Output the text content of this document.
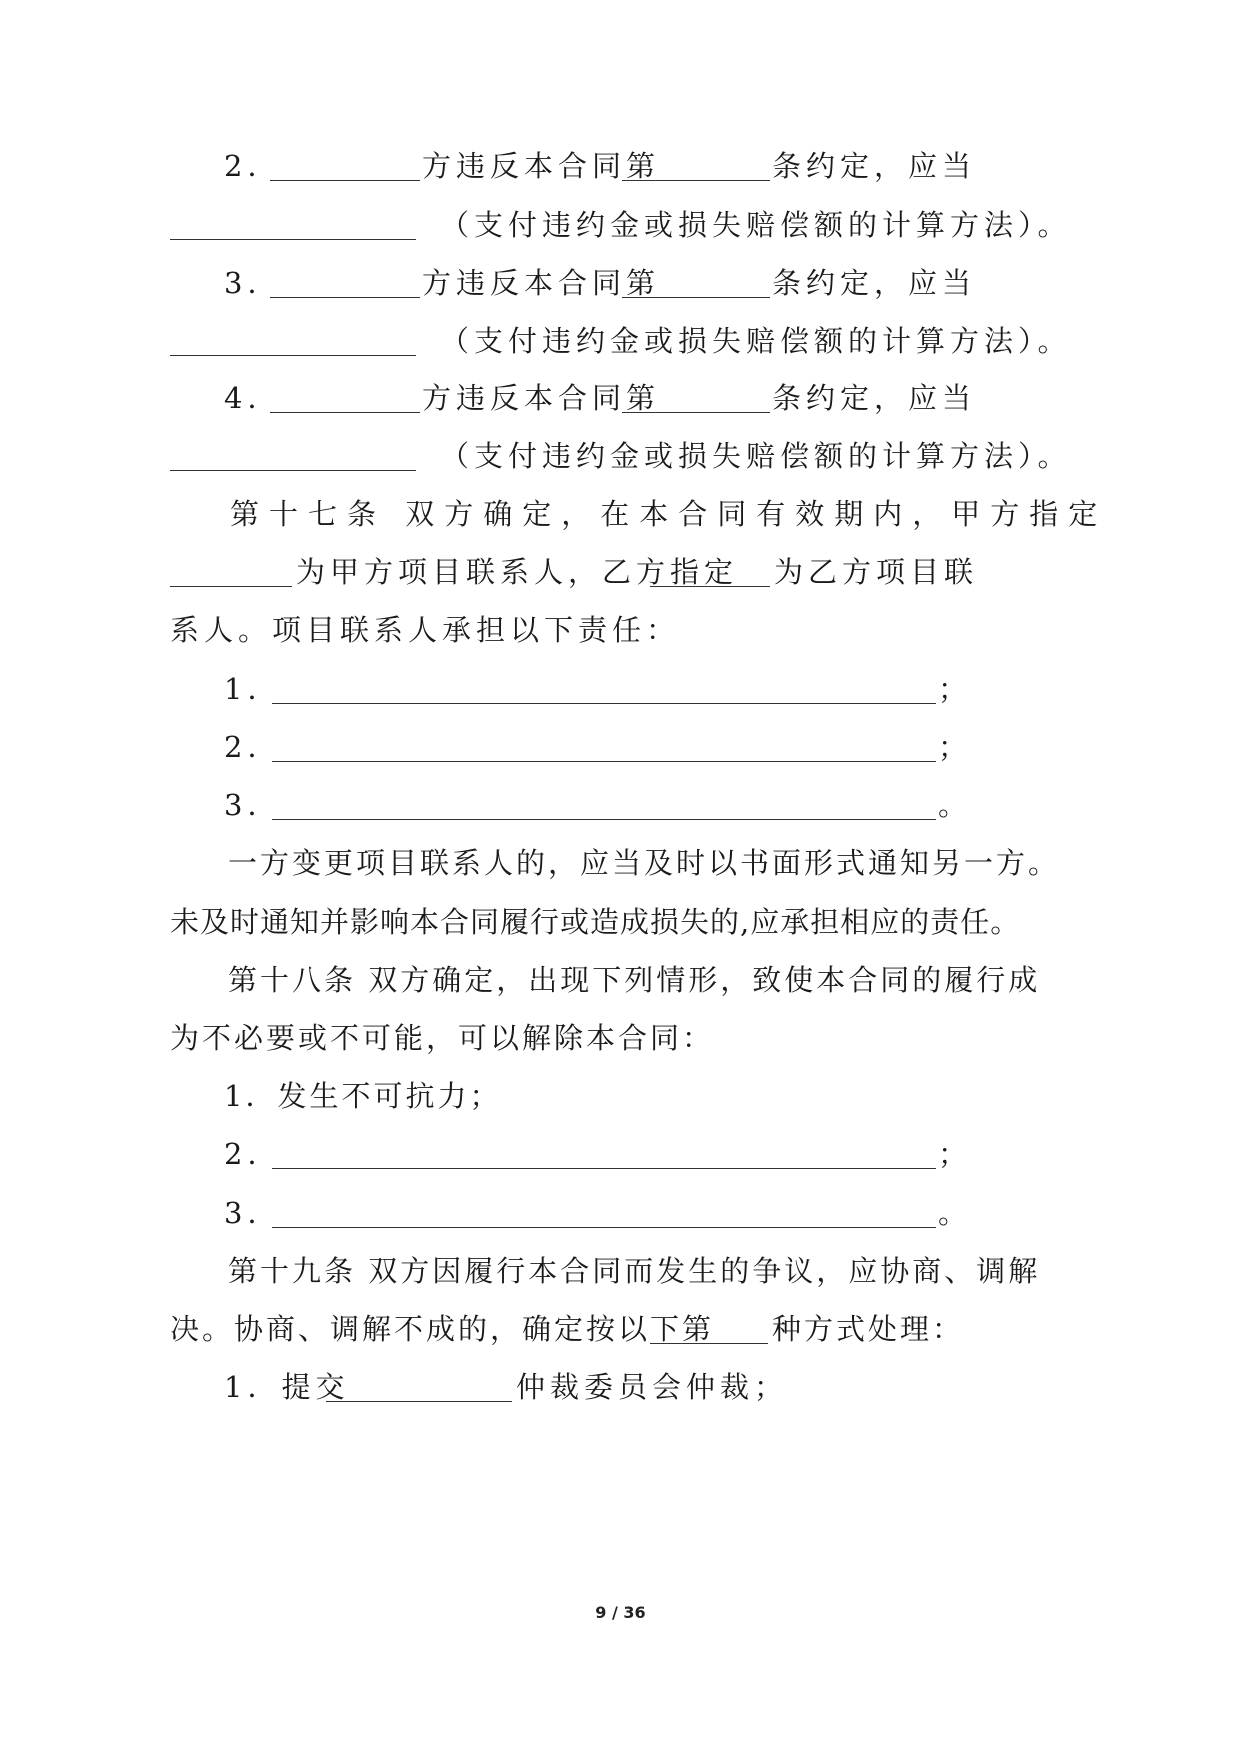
2．	方违反本合同第	条约定，应当
（支付违约金或损失赔偿额的计算方法）。
3．	方违反本合同第	条约定，应当
（支付违约金或损失赔偿额的计算方法）。
4．	方违反本合同第	条约定，应当
（支付违约金或损失赔偿额的计算方法）。
第十七条 双方确定，在本合同有效期内，甲方指定
为甲方项目联系人，乙方指定 为乙方项目联
系人。项目联系人承担以下责任：
1．	；
2．	；
3．	。
一方变更项目联系人的，应当及时以书面形式通知另一方。
未及时通知并影响本合同履行或造成损失的,应承担相应的责任。
第十八条 双方确定，出现下列情形，致使本合同的履行成
为不必要或不可能，可以解除本合同：
1．发生不可抗力；
2．	；
3．	。
第十九条 双方因履行本合同而发生的争议，应协商、调解
决。协商、调解不成的，确定按以下第 种方式处理：
1．提交	仲裁委员会仲裁；
9 / 36
